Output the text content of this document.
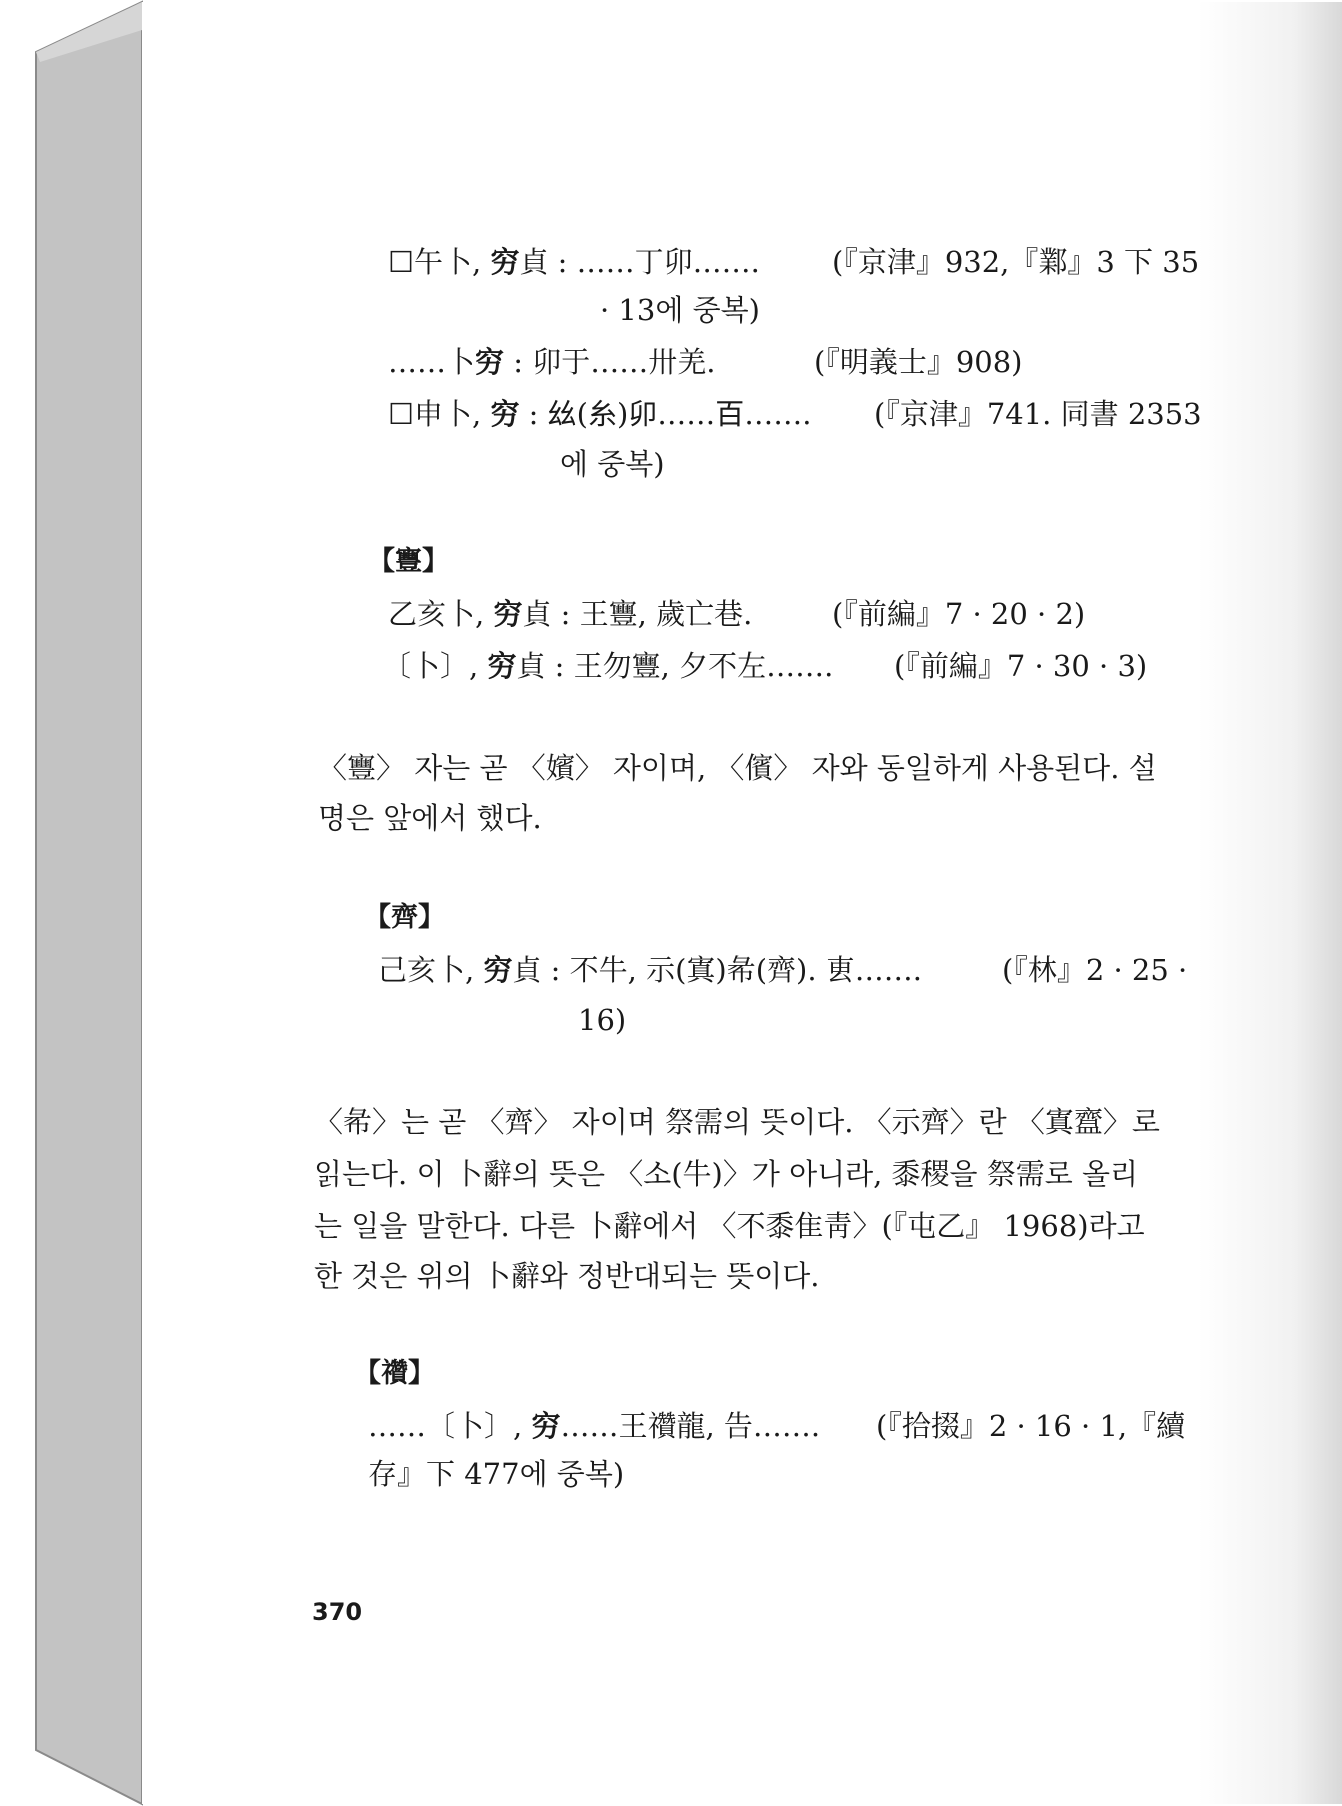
☐午卜, 穷貞 : ……丁卯……. (『京津』932,『鄴』3 下 35
· 13에 중복)
……卜穷 : 卯于……卅羌.	(『明義士』908)
☐申卜, 穷 : 𢆶(糸)卯……百……. (『京津』741. 同書 2353
에 중복)
【寷】
乙亥卜, 穷貞 : 王寷, 歲亡巷.	(『前編』7 · 20 · 2)
〔卜〕, 穷貞 : 王勿寷, 夕不左……. (『前編』7 · 30 · 3)
〈寷〉 자는 곧 〈嬪〉 자이며, 〈儐〉 자와 동일하게 사용된다. 설
명은 앞에서 했다.
【齊】
己亥卜, 穷貞 : 不牛, 示(寘)㣇(齊). 叀…….	(『林』2 · 25 ·
16)
〈㣇〉는 곧 〈齊〉 자이며 祭需의 뜻이다. 〈示齊〉란 〈寘齍〉로
읽는다. 이 卜辭의 뜻은 〈소(牛)〉가 아니라, 黍稷을 祭需로 올리
는 일을 말한다. 다른 卜辭에서 〈不黍隹靑〉(『屯乙』 1968)라고
한 것은 위의 卜辭와 정반대되는 뜻이다.
【禶】
……〔卜〕, 穷……王禶龍, 告……. (『拾掇』2 · 16 · 1,『續
存』下 477에 중복)
370
